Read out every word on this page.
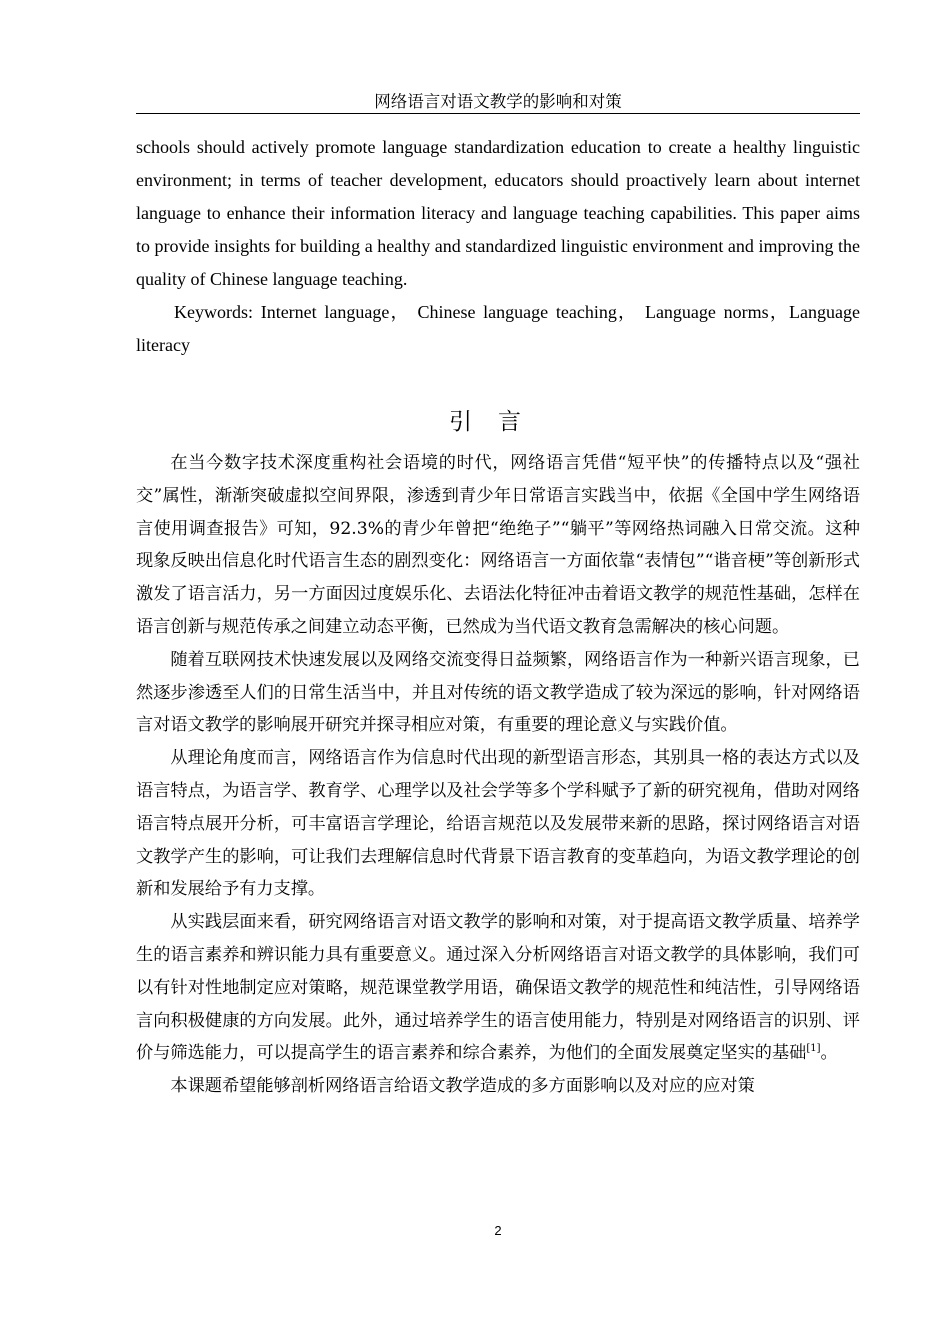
网络语言对语文教学的影响和对策

schools should actively promote language standardization education to create a healthy linguistic environment; in terms of teacher development, educators should proactively learn about internet language to enhance their information literacy and language teaching capabilities. This paper aims to provide insights for building a healthy and standardized linguistic environment and improving the quality of Chinese language teaching.

Keywords: Internet language， Chinese language teaching， Language norms，Language literacy

引言

在当今数字技术深度重构社会语境的时代，网络语言凭借“短平快”的传播特点以及“强社交”属性，渐渐突破虚拟空间界限，渗透到青少年日常语言实践当中，依据《全国中学生网络语言使用调查报告》可知，92.3%的青少年曾把“绝绝子”“躺平”等网络热词融入日常交流。这种现象反映出信息化时代语言生态的剧烈变化：网络语言一方面依靠“表情包”“谐音梗”等创新形式激发了语言活力，另一方面因过度娱乐化、去语法化特征冲击着语文教学的规范性基础，怎样在语言创新与规范传承之间建立动态平衡，已然成为当代语文教育急需解决的核心问题。

随着互联网技术快速发展以及网络交流变得日益频繁，网络语言作为一种新兴语言现象，已然逐步渗透至人们的日常生活当中，并且对传统的语文教学造成了较为深远的影响，针对网络语言对语文教学的影响展开研究并探寻相应对策，有重要的理论意义与实践价值。

从理论角度而言，网络语言作为信息时代出现的新型语言形态，其别具一格的表达方式以及语言特点，为语言学、教育学、心理学以及社会学等多个学科赋予了新的研究视角，借助对网络语言特点展开分析，可丰富语言学理论，给语言规范以及发展带来新的思路，探讨网络语言对语文教学产生的影响，可让我们去理解信息时代背景下语言教育的变革趋向，为语文教学理论的创新和发展给予有力支撑。

从实践层面来看，研究网络语言对语文教学的影响和对策，对于提高语文教学质量、培养学生的语言素养和辨识能力具有重要意义。通过深入分析网络语言对语文教学的具体影响，我们可以有针对性地制定应对策略，规范课堂教学用语，确保语文教学的规范性和纯洁性，引导网络语言向积极健康的方向发展。此外，通过培养学生的语言使用能力，特别是对网络语言的识别、评价与筛选能力，可以提高学生的语言素养和综合素养，为他们的全面发展奠定坚实的基础[1]。

本课题希望能够剖析网络语言给语文教学造成的多方面影响以及对应的应对策

2
